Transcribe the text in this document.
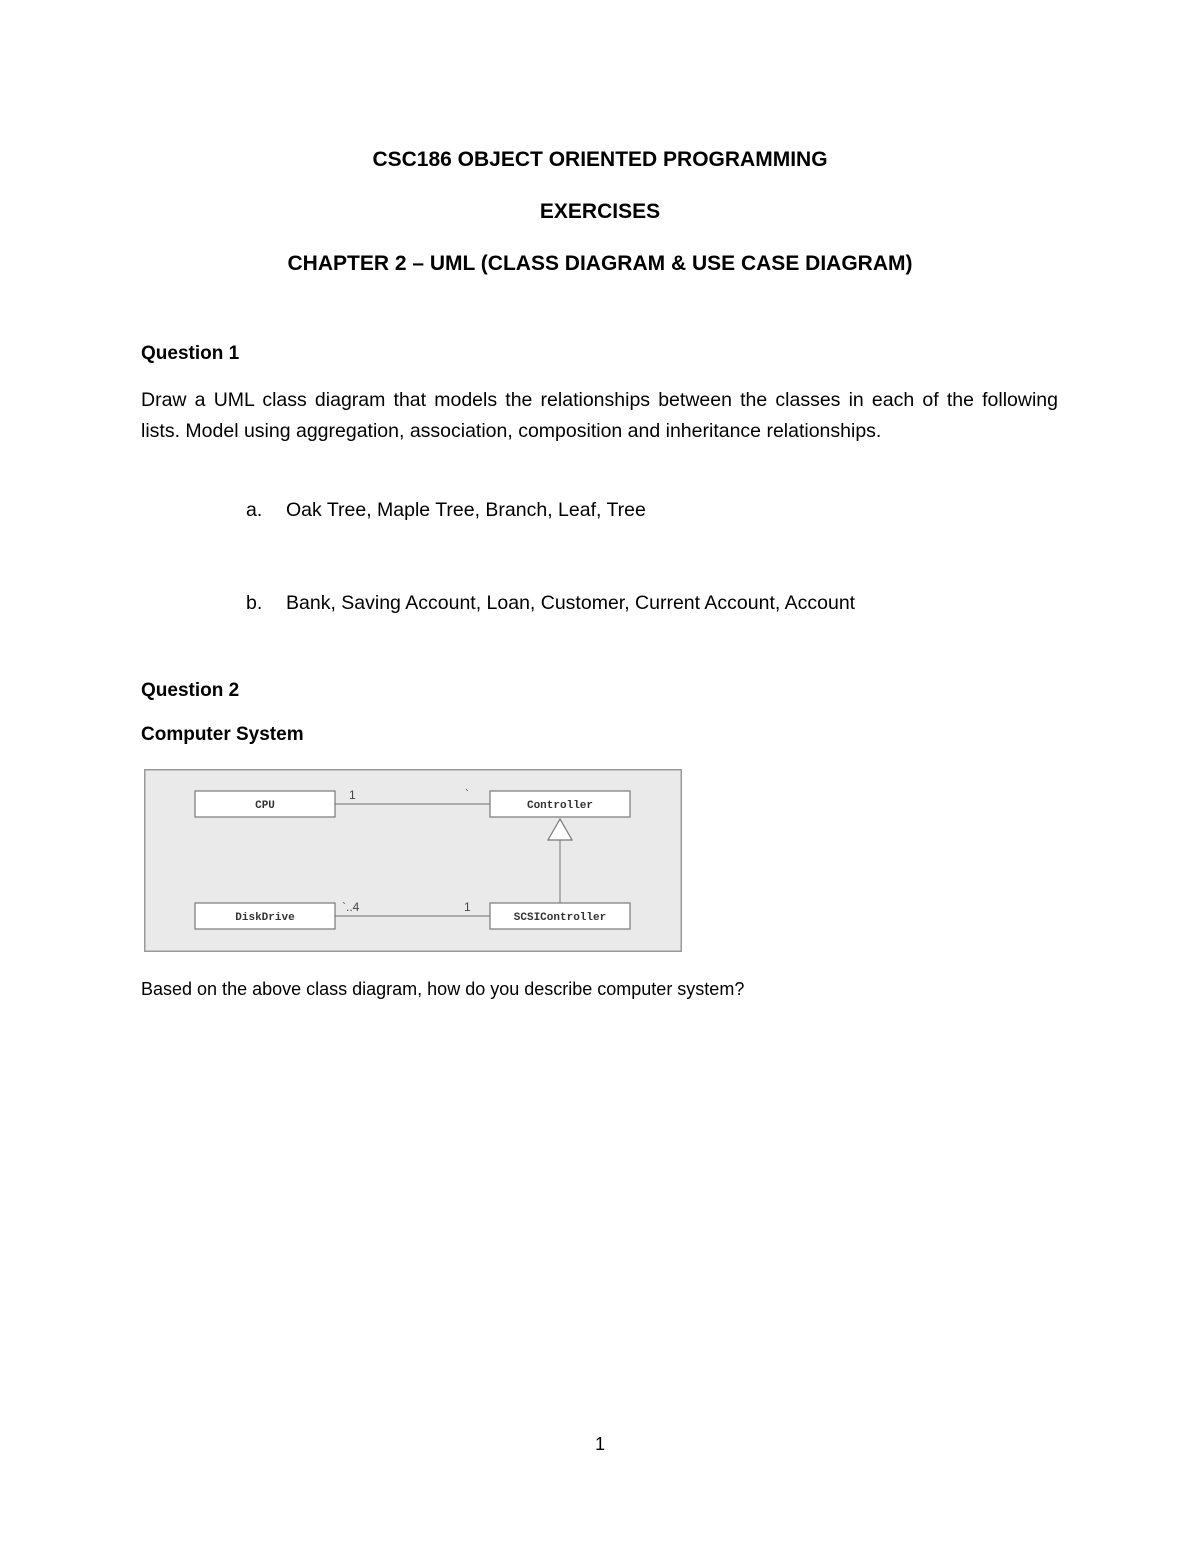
CSC186 OBJECT ORIENTED PROGRAMMING
EXERCISES
CHAPTER 2 – UML (CLASS DIAGRAM & USE CASE DIAGRAM)
Question 1
Draw a UML class diagram that models the relationships between the classes in each of the following lists. Model using aggregation, association, composition and inheritance relationships.
a. Oak Tree, Maple Tree, Branch, Leaf, Tree
b. Bank, Saving Account, Loan, Customer, Current Account, Account
Question 2
Computer System
CPU	Controller
DiskDrive	SCSIController
1	`
`..4	1
Based on the above class diagram, how do you describe computer system?
1
